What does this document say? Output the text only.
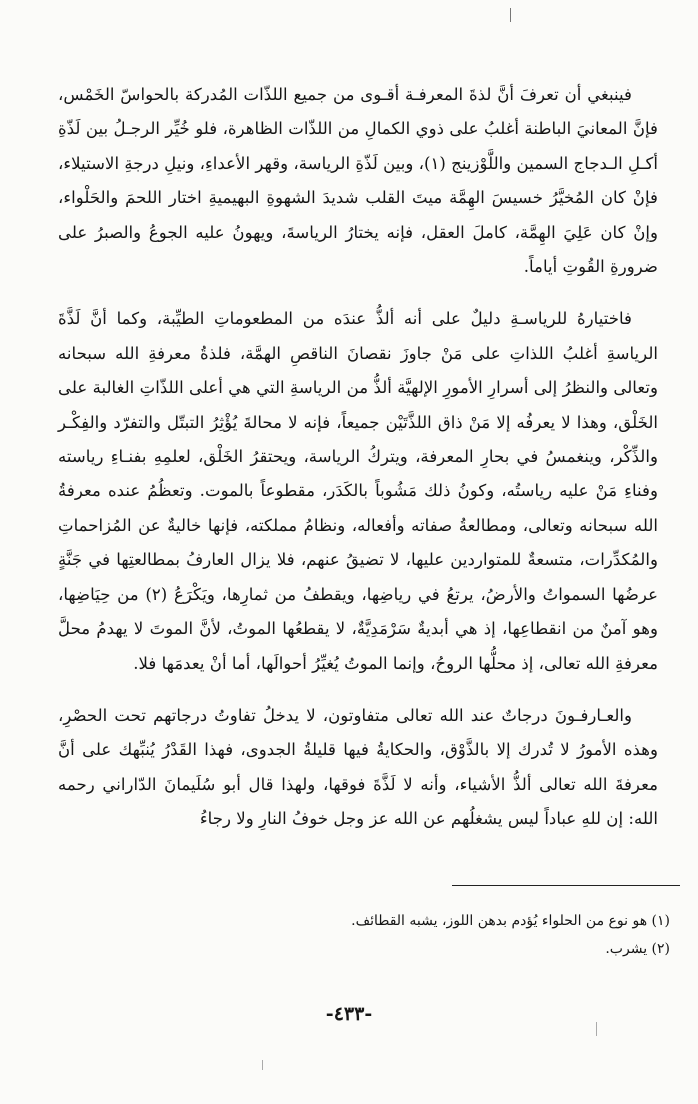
فينبغي أن تعرفَ أنَّ لذةَ المعرفـة أقـوى من جميع اللذّات المُدركة بالحواسّ الخَمْس، فإنَّ المعانيَ الباطنة أغلبُ على ذوي الكمالِ من اللذّات الظاهرة، فلو خُيِّر الرجـلُ بين لَذّةِ أكـلِ الـدجاج السمين واللَّوْزينج (١)، وبين لَذّةِ الرياسة، وقهر الأعداءِ، ونيلِ درجةِ الاستيلاء، فإنْ كان المُخيَّرُ خسيسَ الهِمَّة ميتَ القلب شديدَ الشهوةِ البهيميةِ اختار اللحمَ والحَلْواء، وإنْ كان عَلِيَ الهِمَّة، كاملَ العقل، فإنه يختارُ الرياسةَ، ويهونُ عليه الجوعُ والصبرُ على ضرورةِ القُوتِ أياماً.

فاختيارهُ للرياسـةِ دليلٌ على أنه ألذُّ عندَه من المطعوماتِ الطيِّبة، وكما أنَّ لَذَّةَ الرياسةِ أغلبُ اللذاتِ على مَنْ جاوزَ نقصانَ الناقصِ الهمَّة، فلذةُ معرفةِ الله سبحانه وتعالى والنظرُ إلى أسرارِ الأمورِ الإلهيَّة ألذُّ من الرياسةِ التي هي أعلى اللذّاتِ الغالبة على الخَلْق، وهذا لا يعرفُه إلا مَنْ ذاق اللذَّتَيْن جميعاً، فإنه لا محالةَ يُؤْثِرُ التبتّل والتفرّد والفِكْـر والذِّكْر، وينغمسُ في بحارِ المعرفة، ويتركُ الرياسة، ويحتقرُ الخَلْق، لعلمِهِ بفنـاءِ رياسته وفناءِ مَنْ عليه رياستُه، وكونُ ذلك مَشُوباً بالكَدَر، مقطوعاً بالموت. وتعظُمُ عنده معرفةُ الله سبحانه وتعالى، ومطالعةُ صفاته وأفعاله، ونظامُ مملكته، فإنها خاليةٌ عن المُزاحماتِ والمُكدِّرات، متسعةٌ للمتواردين عليها، لا تضيقُ عنهم، فلا يزال العارفُ بمطالعتِها في جَنَّةٍ عرضُها السمواتُ والأرضُ، يرتعُ في رياضِها، ويقطفُ من ثمارِها، ويَكْرَعُ (٢) من حِيَاضِها، وهو آمنٌ من انقطاعِها، إذ هي أبديةٌ سَرْمَدِيَّةٌ، لا يقطعُها الموتُ، لأنَّ الموتَ لا يهدمُ محلَّ معرفةِ الله تعالى، إذ محلُّها الروحُ، وإنما الموتُ يُغيِّرُ أحوالَها، أما أنْ يعدمَها فلا.

والعـارفـونَ درجاتٌ عند الله تعالى متفاوتون، لا يدخلُ تفاوتُ درجاتهم تحت الحصْرِ، وهذه الأمورُ لا تُدرك إلا بالذَّوْق، والحكايةُ فيها قليلةُ الجدوى، فهذا القَدْرُ يُنبِّهك على أنَّ معرفةَ الله تعالى ألذُّ الأشياء، وأنه لا لَذَّةَ فوقها، ولهذا قال أبو سُلَيمانَ الدّاراني رحمه الله: إن للهِ عباداً ليس يشغلُهم عن الله عز وجل خوفُ النارِ ولا رجاءُ

(١) هو نوع من الحلواء يُؤدم بدهن اللوز، يشبه القطائف.

(٢) يشرب.

-٤٣٣-
